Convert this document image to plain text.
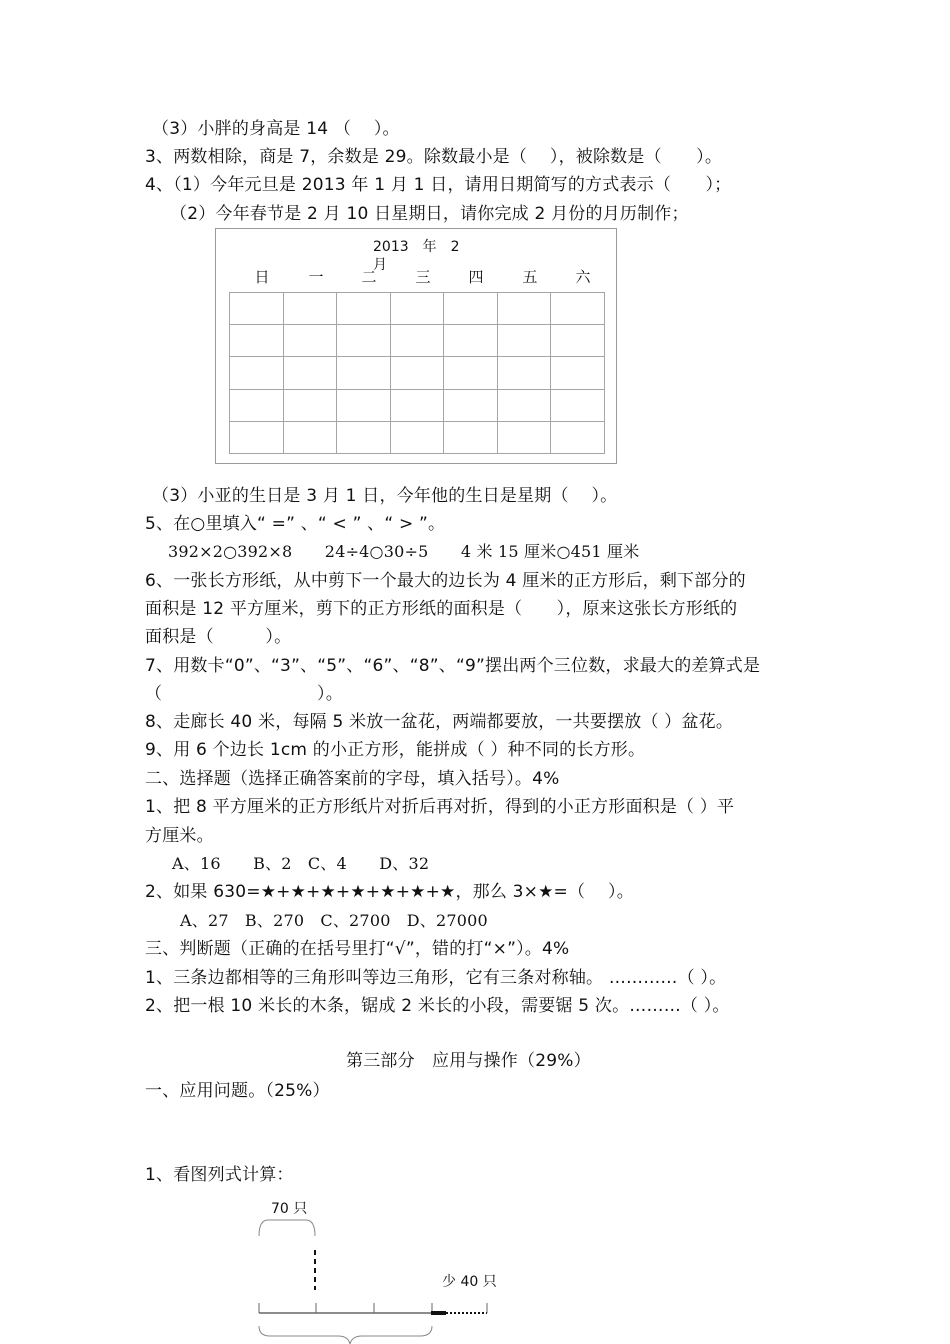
（3）小胖的身高是 14 （　 ）。
3、两数相除，商是 7，余数是 29。除数最小是（　 ），被除数是（　　）。
4、（1）今年元旦是 2013 年 1 月 1 日，请用日期简写的方式表示（　　）；
（2）今年春节是 2 月 10 日星期日，请你完成 2 月份的月历制作；
2013　年　2
月
日	一	二	三	四	五	六

（3）小亚的生日是 3 月 1 日，今年他的生日是星期（　 ）。
5、在○里填入“ =” 、“ < ” 、“ > ”。
392×2○392×8　　24÷4○30÷5　　4 米 15 厘米○451 厘米
6、一张长方形纸，从中剪下一个最大的边长为 4 厘米的正方形后，剩下部分的
面积是 12 平方厘米，剪下的正方形纸的面积是（　　），原来这张长方形纸的
面积是（　　　）。
7、用数卡“0”、“3”、“5”、“6”、“8”、“9”摆出两个三位数，求最大的差算式是
（　　　　　　　　　）。
8、走廊长 40 米，每隔 5 米放一盆花，两端都要放，一共要摆放（ ）盆花。
9、用 6 个边长 1cm 的小正方形，能拼成（ ）种不同的长方形。
二、选择题（选择正确答案前的字母，填入括号）。4%
1、把 8 平方厘米的正方形纸片对折后再对折，得到的小正方形面积是（ ）平
方厘米。
A、16　　B、2　C、4　　D、32
2、如果 630=★+★+★+★+★+★+★，那么 3×★=（　 ）。
A、27　B、270　C、2700　D、27000
三、判断题（正确的在括号里打“√”，错的打“×”）。4%
1、三条边都相等的三角形叫等边三角形，它有三条对称轴。 …………（ ）。
2、把一根 10 米长的木条，锯成 2 米长的小段，需要锯 5 次。………（ ）。
第三部分　应用与操作（29%）
一、应用问题。（25%）
1、看图列式计算：
70 只
少 40 只
